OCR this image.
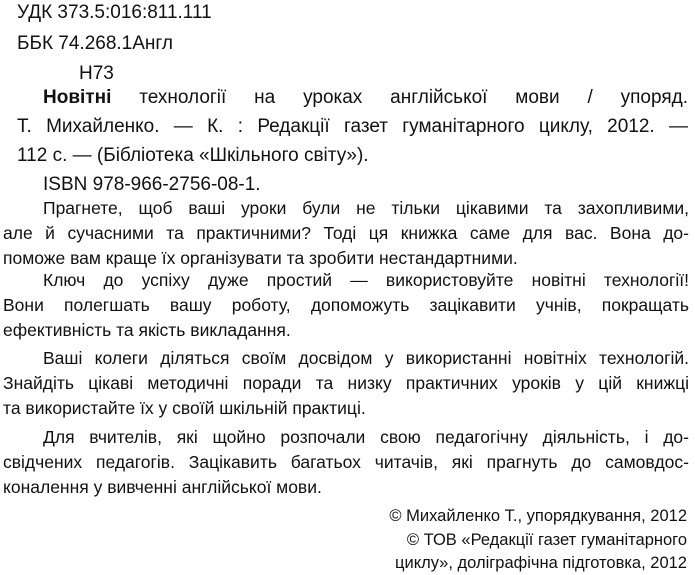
УДК 373.5:016:811.111
ББК 74.268.1Англ
Н73
Новітні технології на уроках англійської мови / упоряд.
Т. Михайленко. — К. : Редакції газет гуманітарного циклу, 2012. —
112 с. — (Бібліотека «Шкільного світу»).
ISBN 978-966-2756-08-1.
Прагнете, щоб ваші уроки були не тільки цікавими та захопливими,
але й сучасними та практичними? Тоді ця книжка саме для вас. Вона до-
поможе вам краще їх організувати та зробити нестандартними.
Ключ до успіху дуже простий — використовуйте новітні технології!
Вони полегшать вашу роботу, допоможуть зацікавити учнів, покращать
ефективність та якість викладання.
Ваші колеги діляться своїм досвідом у використанні новітніх технологій.
Знайдіть цікаві методичні поради та низку практичних уроків у цій книжці
та використайте їх у своїй шкільній практиці.
Для вчителів, які щойно розпочали свою педагогічну діяльність, і до-
свідчених педагогів. Зацікавить багатьох читачів, які прагнуть до самовдос-
коналення у вивченні англійської мови.
© Михайленко Т., упорядкування, 2012
© ТОВ «Редакції газет гуманітарного
циклу», доліграфічна підготовка, 2012
